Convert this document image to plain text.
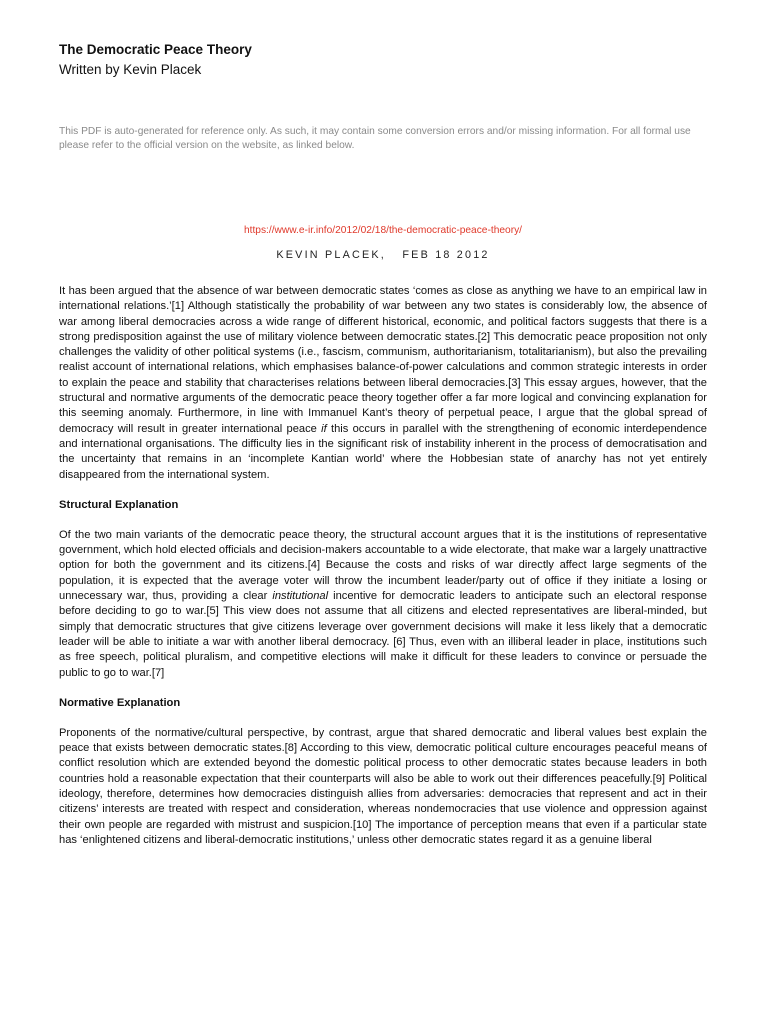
The Democratic Peace Theory
Written by Kevin Placek
This PDF is auto-generated for reference only. As such, it may contain some conversion errors and/or missing information. For all formal use please refer to the official version on the website, as linked below.
https://www.e-ir.info/2012/02/18/the-democratic-peace-theory/
KEVIN PLACEK, FEB 18 2012

It has been argued that the absence of war between democratic states ‘comes as close as anything we have to an empirical law in international relations.’[1] Although statistically the probability of war between any two states is considerably low, the absence of war among liberal democracies across a wide range of different historical, economic, and political factors suggests that there is a strong predisposition against the use of military violence between democratic states.[2] This democratic peace proposition not only challenges the validity of other political systems (i.e., fascism, communism, authoritarianism, totalitarianism), but also the prevailing realist account of international relations, which emphasises balance-of-power calculations and common strategic interests in order to explain the peace and stability that characterises relations between liberal democracies.[3] This essay argues, however, that the structural and normative arguments of the democratic peace theory together offer a far more logical and convincing explanation for this seeming anomaly. Furthermore, in line with Immanuel Kant’s theory of perpetual peace, I argue that the global spread of democracy will result in greater international peace if this occurs in parallel with the strengthening of economic interdependence and international organisations. The difficulty lies in the significant risk of instability inherent in the process of democratisation and the uncertainty that remains in an ‘incomplete Kantian world’ where the Hobbesian state of anarchy has not yet entirely disappeared from the international system.

Structural Explanation

Of the two main variants of the democratic peace theory, the structural account argues that it is the institutions of representative government, which hold elected officials and decision-makers accountable to a wide electorate, that make war a largely unattractive option for both the government and its citizens.[4] Because the costs and risks of war directly affect large segments of the population, it is expected that the average voter will throw the incumbent leader/party out of office if they initiate a losing or unnecessary war, thus, providing a clear institutional incentive for democratic leaders to anticipate such an electoral response before deciding to go to war.[5] This view does not assume that all citizens and elected representatives are liberal-minded, but simply that democratic structures that give citizens leverage over government decisions will make it less likely that a democratic leader will be able to initiate a war with another liberal democracy. [6] Thus, even with an illiberal leader in place, institutions such as free speech, political pluralism, and competitive elections will make it difficult for these leaders to convince or persuade the public to go to war.[7]

Normative Explanation

Proponents of the normative/cultural perspective, by contrast, argue that shared democratic and liberal values best explain the peace that exists between democratic states.[8] According to this view, democratic political culture encourages peaceful means of conflict resolution which are extended beyond the domestic political process to other democratic states because leaders in both countries hold a reasonable expectation that their counterparts will also be able to work out their differences peacefully.[9] Political ideology, therefore, determines how democracies distinguish allies from adversaries: democracies that represent and act in their citizens’ interests are treated with respect and consideration, whereas nondemocracies that use violence and oppression against their own people are regarded with mistrust and suspicion.[10] The importance of perception means that even if a particular state has ‘enlightened citizens and liberal-democratic institutions,’ unless other democratic states regard it as a genuine liberal
